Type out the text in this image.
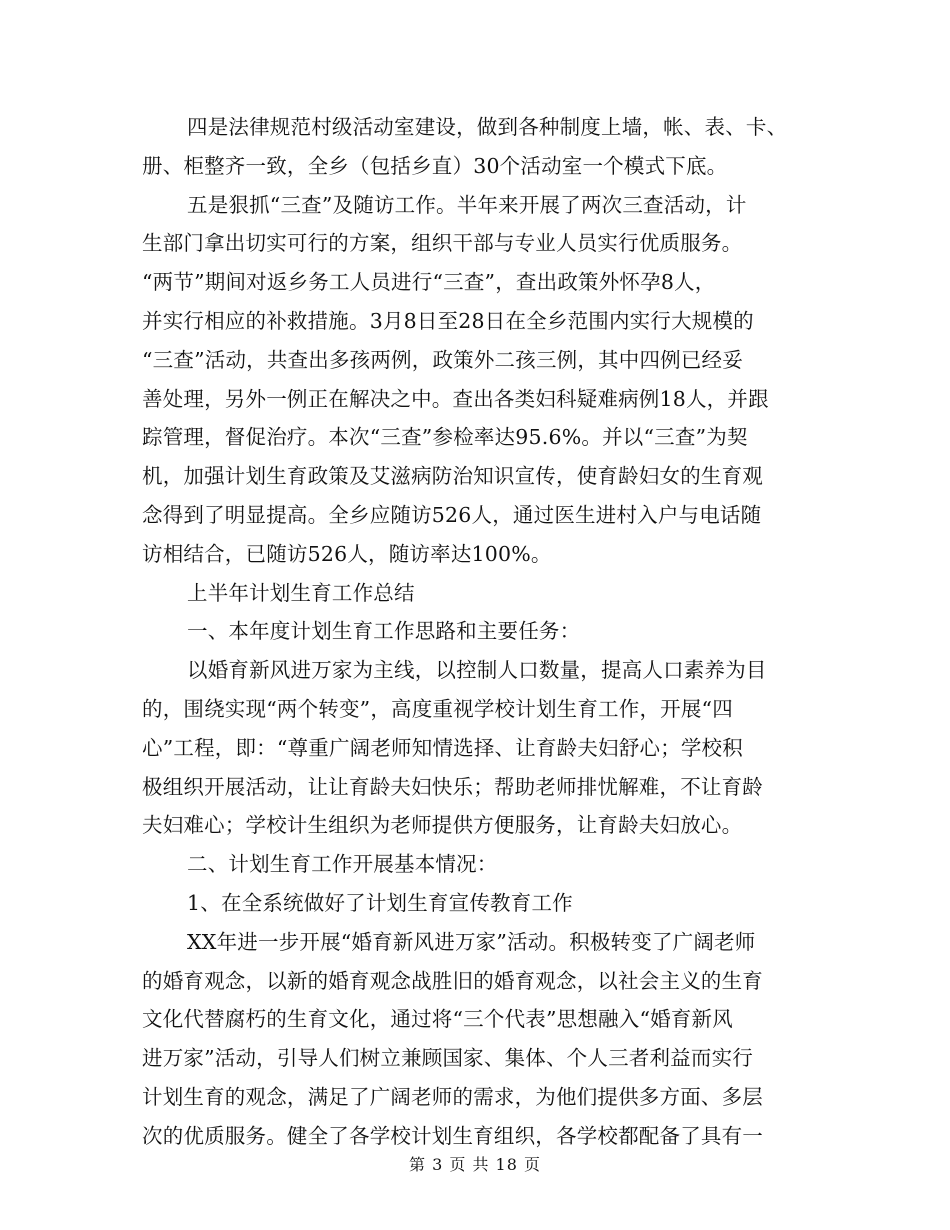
四是法律规范村级活动室建设，做到各种制度上墙，帐、表、卡、
册、柜整齐一致，全乡（包括乡直）30个活动室一个模式下底。
五是狠抓“三查”及随访工作。半年来开展了两次三查活动，计
生部门拿出切实可行的方案，组织干部与专业人员实行优质服务。
“两节”期间对返乡务工人员进行“三查”，查出政策外怀孕8人，
并实行相应的补救措施。3月8日至28日在全乡范围内实行大规模的
“三查”活动，共查出多孩两例，政策外二孩三例，其中四例已经妥
善处理，另外一例正在解决之中。查出各类妇科疑难病例18人，并跟
踪管理，督促治疗。本次“三查”参检率达95.6%。并以“三查”为契
机，加强计划生育政策及艾滋病防治知识宣传，使育龄妇女的生育观
念得到了明显提高。全乡应随访526人，通过医生进村入户与电话随
访相结合，已随访526人，随访率达100%。
上半年计划生育工作总结
一、本年度计划生育工作思路和主要任务：
以婚育新风进万家为主线，以控制人口数量，提高人口素养为目
的，围绕实现“两个转变”，高度重视学校计划生育工作，开展“四
心”工程，即：“尊重广阔老师知情选择、让育龄夫妇舒心；学校积
极组织开展活动，让让育龄夫妇快乐；帮助老师排忧解难，不让育龄
夫妇难心；学校计生组织为老师提供方便服务，让育龄夫妇放心。
二、计划生育工作开展基本情况：
1、在全系统做好了计划生育宣传教育工作
XX年进一步开展“婚育新风进万家”活动。积极转变了广阔老师
的婚育观念，以新的婚育观念战胜旧的婚育观念，以社会主义的生育
文化代替腐朽的生育文化，通过将“三个代表”思想融入“婚育新风
进万家”活动，引导人们树立兼顾国家、集体、个人三者利益而实行
计划生育的观念，满足了广阔老师的需求，为他们提供多方面、多层
次的优质服务。健全了各学校计划生育组织，各学校都配备了具有一
第 3 页 共 18 页
